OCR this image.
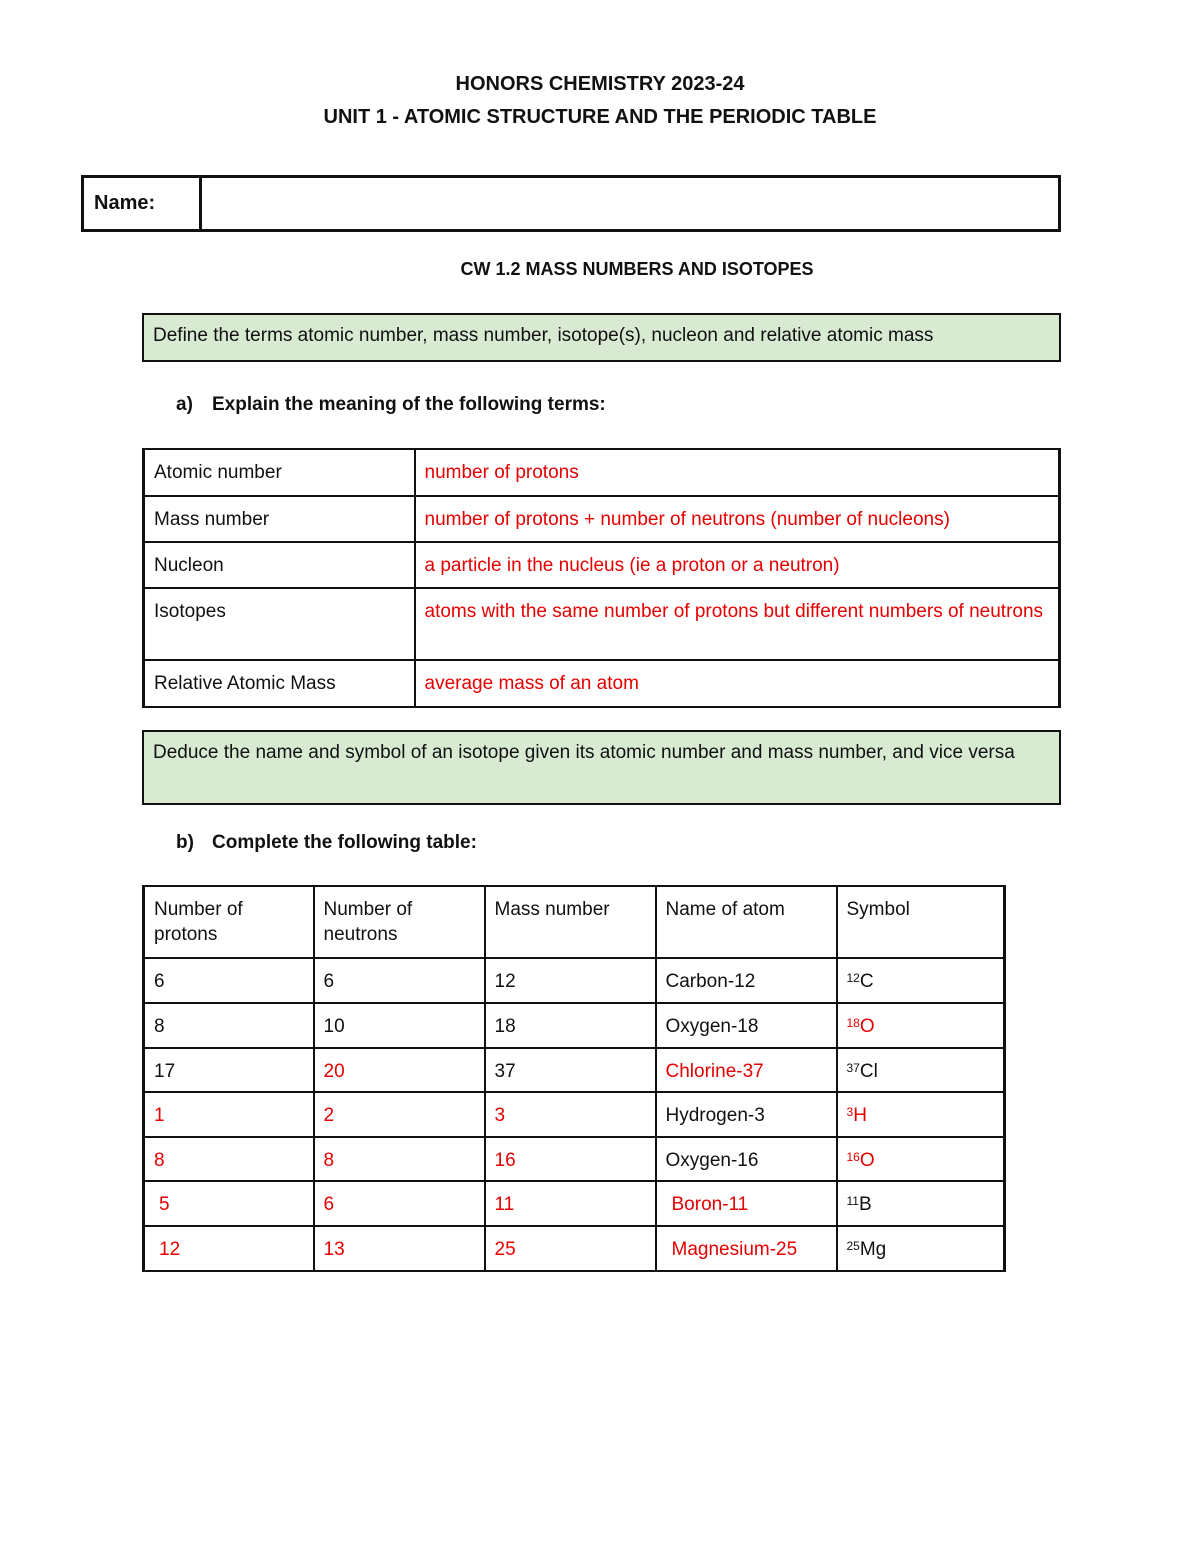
HONORS CHEMISTRY 2023-24
UNIT 1 - ATOMIC STRUCTURE AND THE PERIODIC TABLE
Name:
CW 1.2 MASS NUMBERS AND ISOTOPES
Define the terms atomic number, mass number, isotope(s), nucleon and relative atomic mass
a) Explain the meaning of the following terms:
Atomic number	number of protons
Mass number	number of protons + number of neutrons (number of nucleons)
Nucleon	a particle in the nucleus (ie a proton or a neutron)
Isotopes	atoms with the same number of protons but different numbers of neutrons
Relative Atomic Mass	average mass of an atom
Deduce the name and symbol of an isotope given its atomic number and mass number, and vice versa
b) Complete the following table:
Number of protons	Number of neutrons	Mass number	Name of atom	Symbol
6	6	12	Carbon-12	$^{12}$C
8	10	18	Oxygen-18	$^{18}$O
17	20	37	Chlorine-37	$^{37}$Cl
1	2	3	Hydrogen-3	$^3$H
8	8	16	Oxygen-16	$^{16}$O
5	6	11	Boron-11	$^{11}$B
12	13	25	Magnesium-25	$^{25}$Mg
